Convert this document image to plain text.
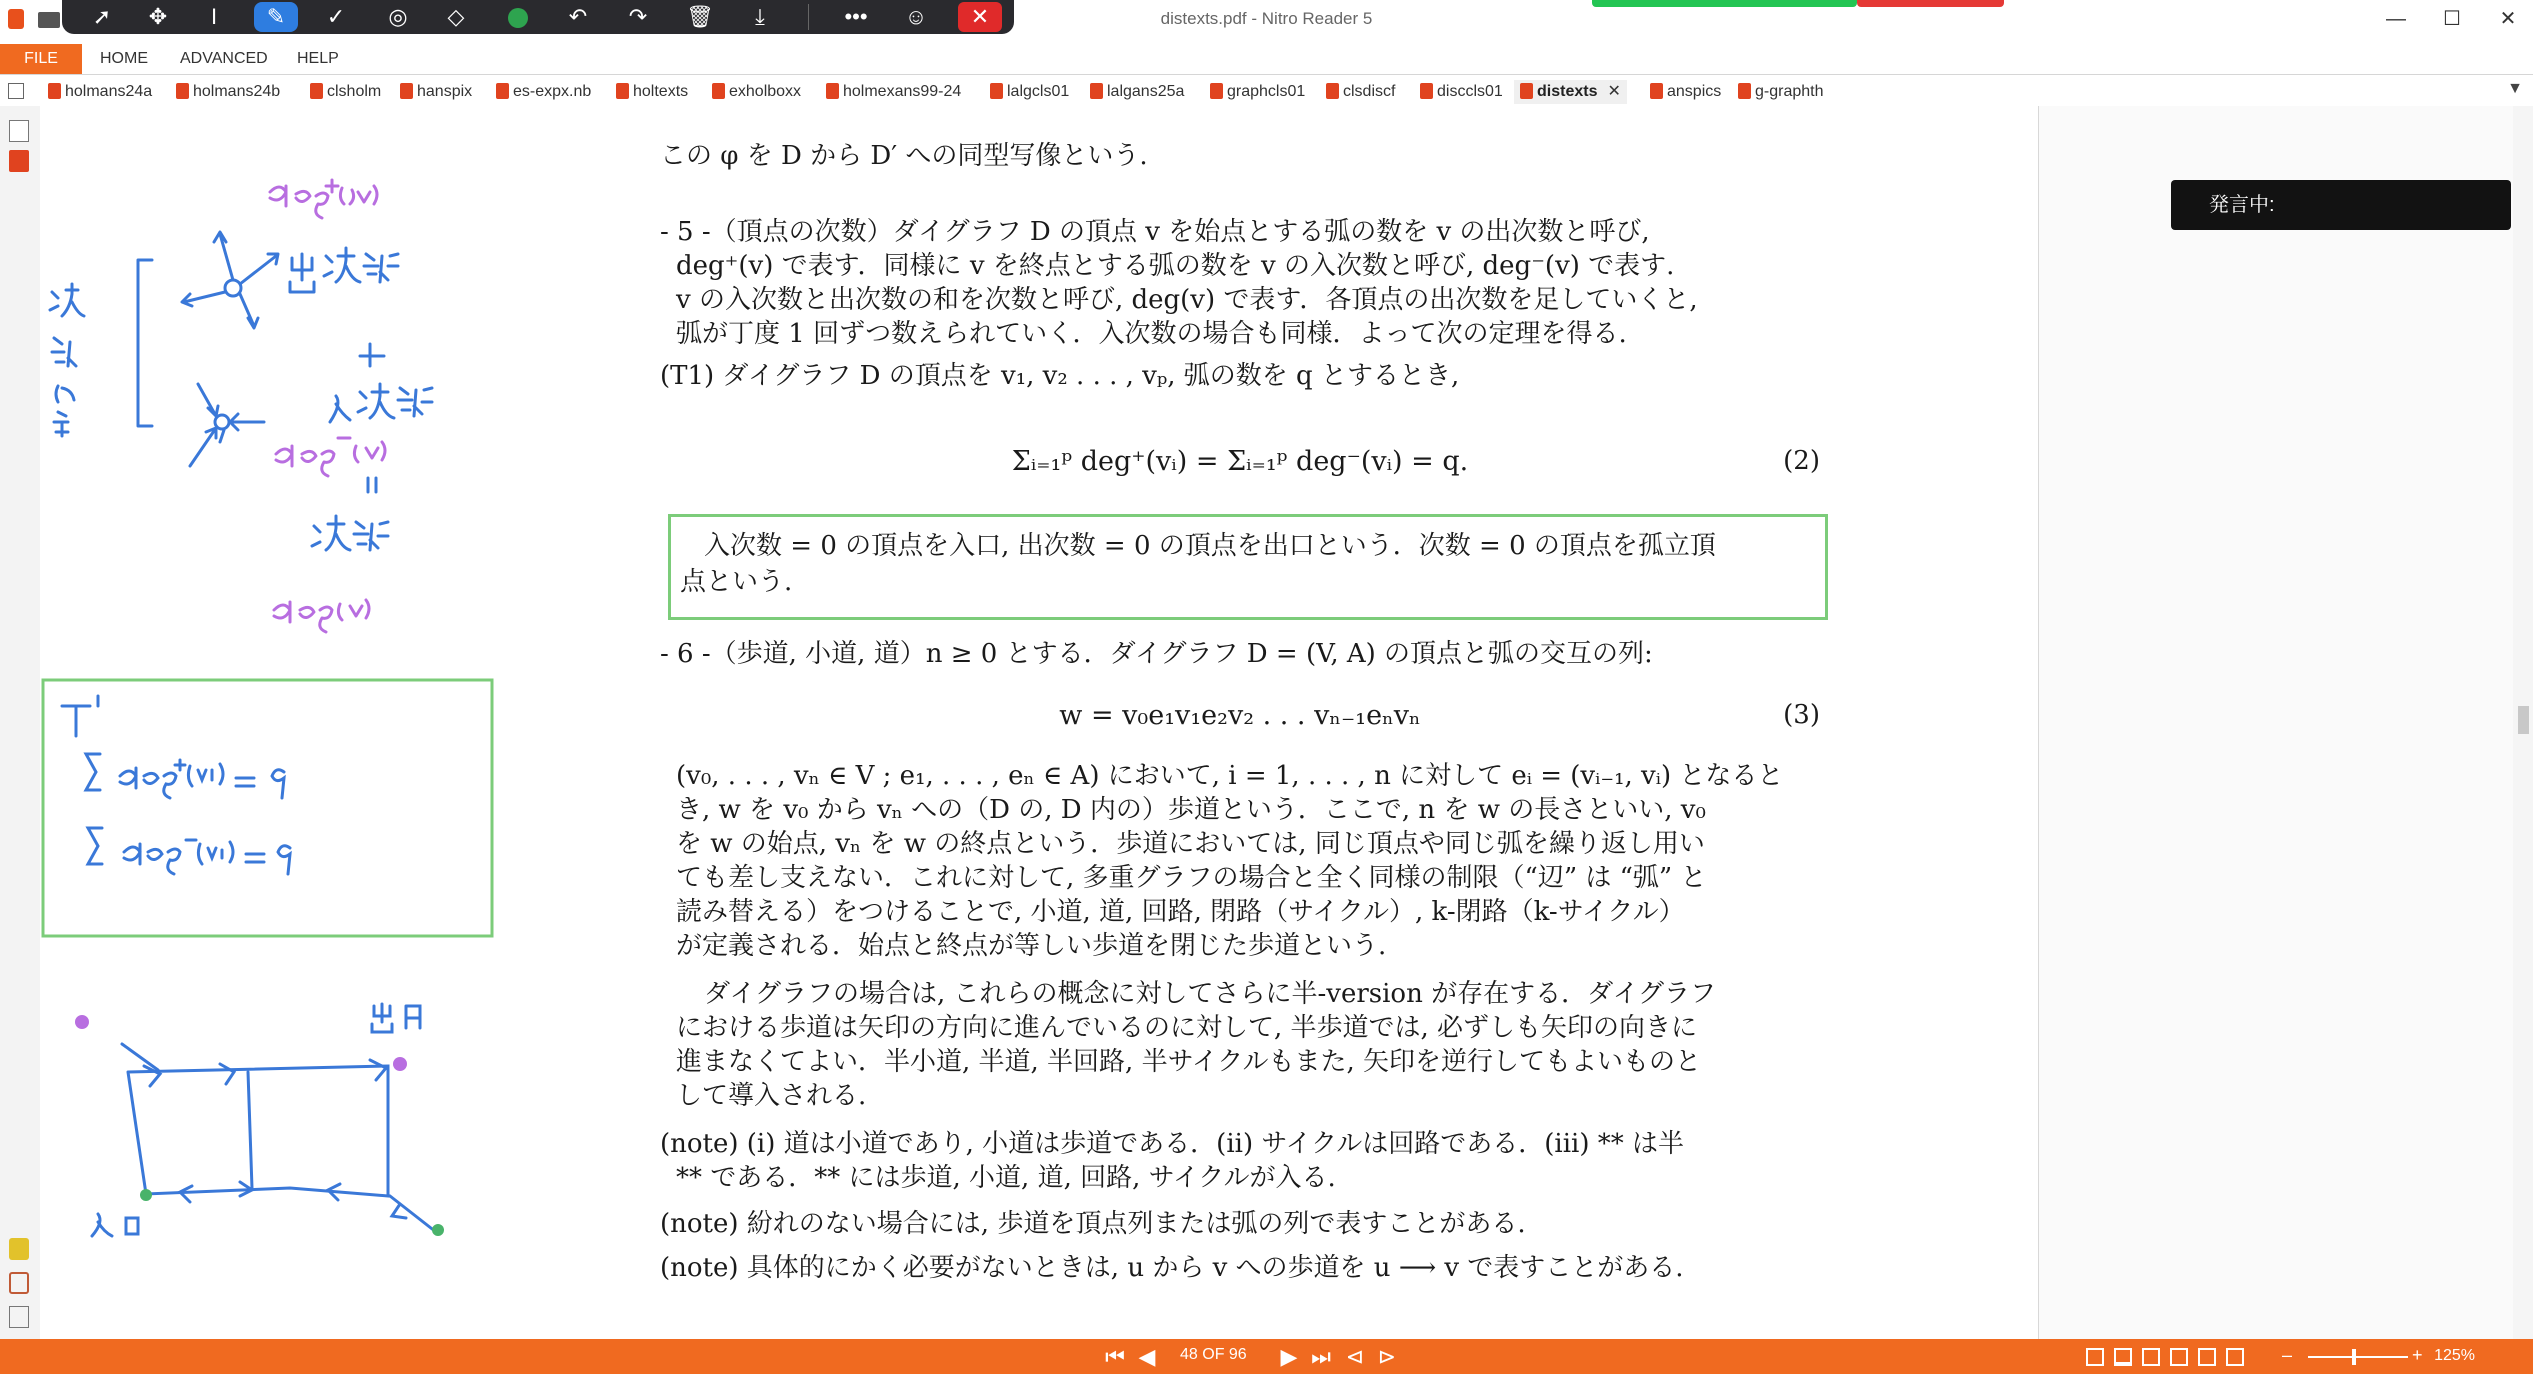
distexts.pdf - Nitro Reader 5	—	☐	✕
➚	✥	I	✎	✓	◎	◇	↶	↷	🗑	⤓	•••	☺	✕
FILE	HOME ADVANCED HELP
holmans24a	holmans24b	clsholm	hanspix	es-expx.nb	holtexts	exholboxx	holmexans99-24	lalgcls01	lalgans25a	graphcls01	clsdiscf	disccls01	distexts ✕	anspics	g-graphth	▼
この φ を D から D′ への同型写像という.
- 5 -（頂点の次数）ダイグラフ D の頂点 v を始点とする弧の数を v の出次数と呼び,
deg⁺(v) で表す．同様に v を終点とする弧の数を v の入次数と呼び, deg⁻(v) で表す.
v の入次数と出次数の和を次数と呼び, deg(v) で表す．各頂点の出次数を足していくと,
弧が丁度 1 回ずつ数えられていく．入次数の場合も同様．よって次の定理を得る.
(T1) ダイグラフ D の頂点を v₁, v₂ . . . , vₚ, 弧の数を q とするとき,
Σᵢ₌₁ᵖ deg⁺(vᵢ) = Σᵢ₌₁ᵖ deg⁻(vᵢ) = q.	(2)
入次数 = 0 の頂点を入口, 出次数 = 0 の頂点を出口という．次数 = 0 の頂点を孤立頂
点という.
- 6 -（歩道, 小道, 道）n ≥ 0 とする．ダイグラフ D = (V, A) の頂点と弧の交互の列:
w = v₀e₁v₁e₂v₂ . . . vₙ₋₁eₙvₙ	(3)
(v₀, . . . , vₙ ∈ V ; e₁, . . . , eₙ ∈ A) において, i = 1, . . . , n に対して eᵢ = (vᵢ₋₁, vᵢ) となると
き, w を v₀ から vₙ への（D の, D 内の）歩道という．ここで, n を w の長さといい, v₀
を w の始点, vₙ を w の終点という．歩道においては, 同じ頂点や同じ弧を繰り返し用い
ても差し支えない．これに対して, 多重グラフの場合と全く同様の制限（“辺” は “弧” と
読み替える）をつけることで, 小道, 道, 回路, 閉路（サイクル）, k-閉路（k-サイクル）
が定義される．始点と終点が等しい歩道を閉じた歩道という.
ダイグラフの場合は, これらの概念に対してさらに半-version が存在する．ダイグラフ
における歩道は矢印の方向に進んでいるのに対して, 半歩道では, 必ずしも矢印の向きに
進まなくてよい．半小道, 半道, 半回路, 半サイクルもまた, 矢印を逆行してもよいものと
して導入される.
(note) (i) 道は小道であり, 小道は歩道である．(ii) サイクルは回路である．(iii) ** は半
** である．** には歩道, 小道, 道, 回路, サイクルが入る.
(note) 紛れのない場合には, 歩道を頂点列または弧の列で表すことがある.
(note) 具体的にかく必要がないときは, u から v への歩道を u ⟶ v で表すことがある.
発言中:
⏮ ◀	48 OF 96 ▶ ⏭ ⊲ ⊳	–	+ 125%
